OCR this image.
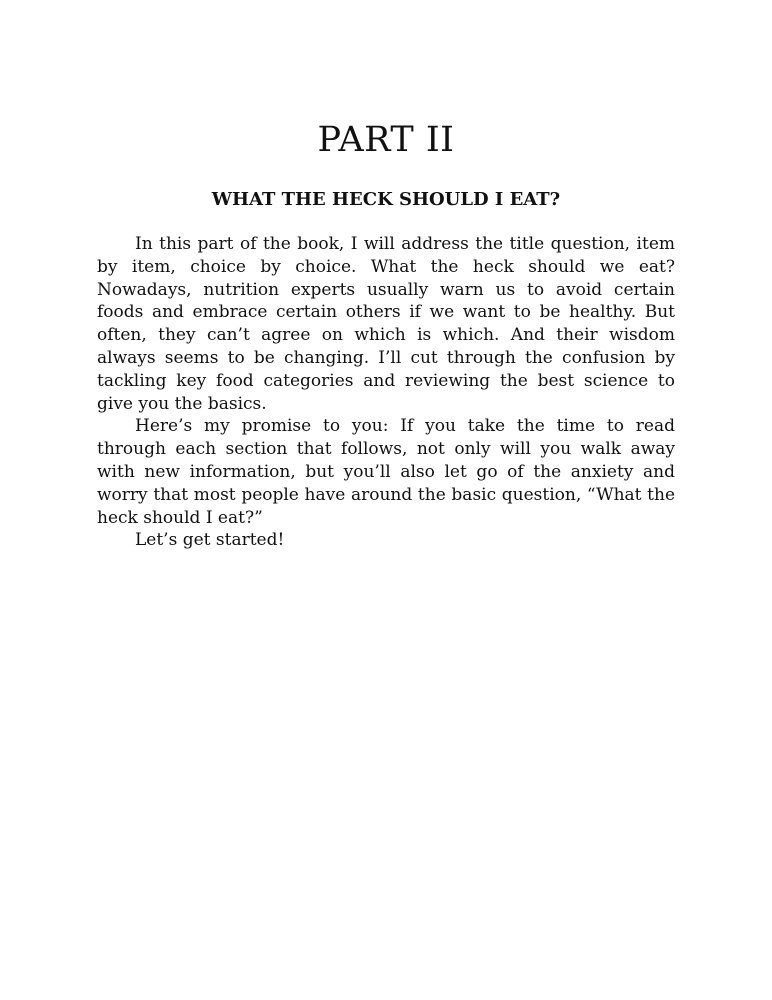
PART II
WHAT THE HECK SHOULD I EAT?

In this part of the book, I will address the title question, item by item, choice by choice. What the heck should we eat? Nowadays, nutrition experts usually warn us to avoid certain foods and embrace certain others if we want to be healthy. But often, they can’t agree on which is which. And their wisdom always seems to be changing. I’ll cut through the confusion by tackling key food categories and reviewing the best science to give you the basics.

Here’s my promise to you: If you take the time to read through each section that follows, not only will you walk away with new information, but you’ll also let go of the anxiety and worry that most people have around the basic question, “What the heck should I eat?”

Let’s get started!
